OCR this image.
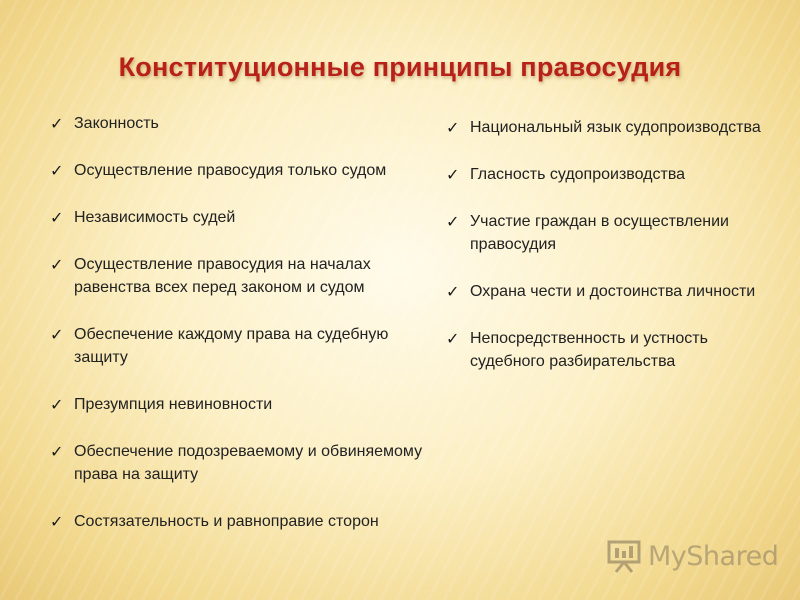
Конституционные принципы правосудия
✓ Законность
✓ Осуществление правосудия только судом
✓ Независимость судей
✓ Осуществление правосудия на началах равенства всех перед законом и судом
✓ Обеспечение каждому права на судебную защиту
✓ Презумпция невиновности
✓ Обеспечение подозреваемому и обвиняемому права на защиту
✓ Состязательность и равноправие сторон
✓ Национальный язык судопроизводства
✓ Гласность судопроизводства
✓ Участие граждан в осуществлении правосудия
✓ Охрана чести и достоинства личности
✓ Непосредственность и устность судебного разбирательства
MyShared
